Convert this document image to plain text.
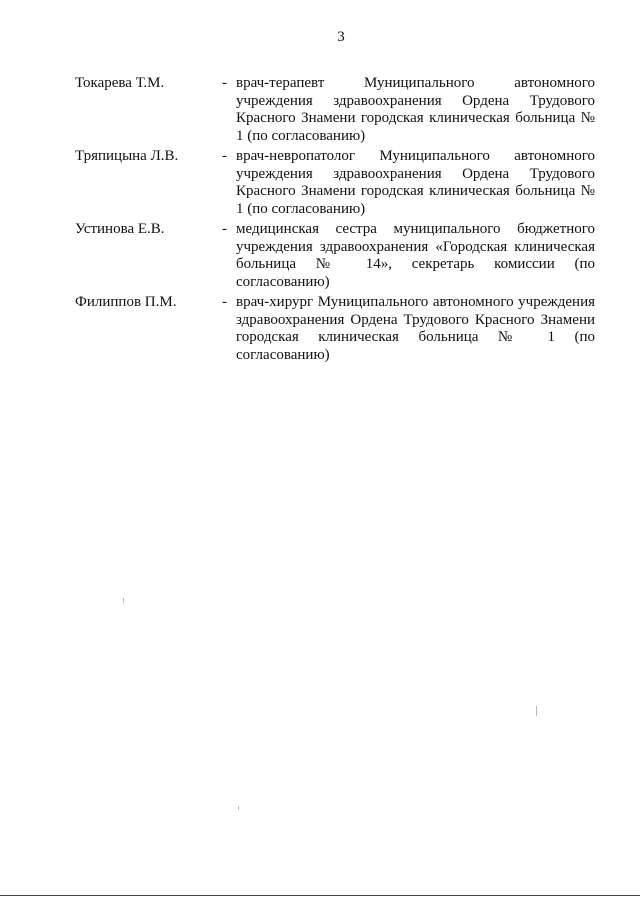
3
Токарева Т.М.	- врач-терапевт Муниципального автономного учреждения здравоохранения Ордена Трудового Красного Знамени городская клиническая больница № 1 (по согласованию)
Тряпицына Л.В.	- врач-невропатолог Муниципального автономного учреждения здравоохранения Ордена Трудового Красного Знамени городская клиническая больница № 1 (по согласованию)
Устинова Е.В.	- медицинская сестра муниципального бюджетного учреждения здравоохранения «Городская клиническая больница № 14», секретарь комиссии (по согласованию)
Филиппов П.М.	- врач-хирург Муниципального автономного учреждения здравоохранения Ордена Трудового Красного Знамени городская клиническая больница № 1 (по согласованию)
